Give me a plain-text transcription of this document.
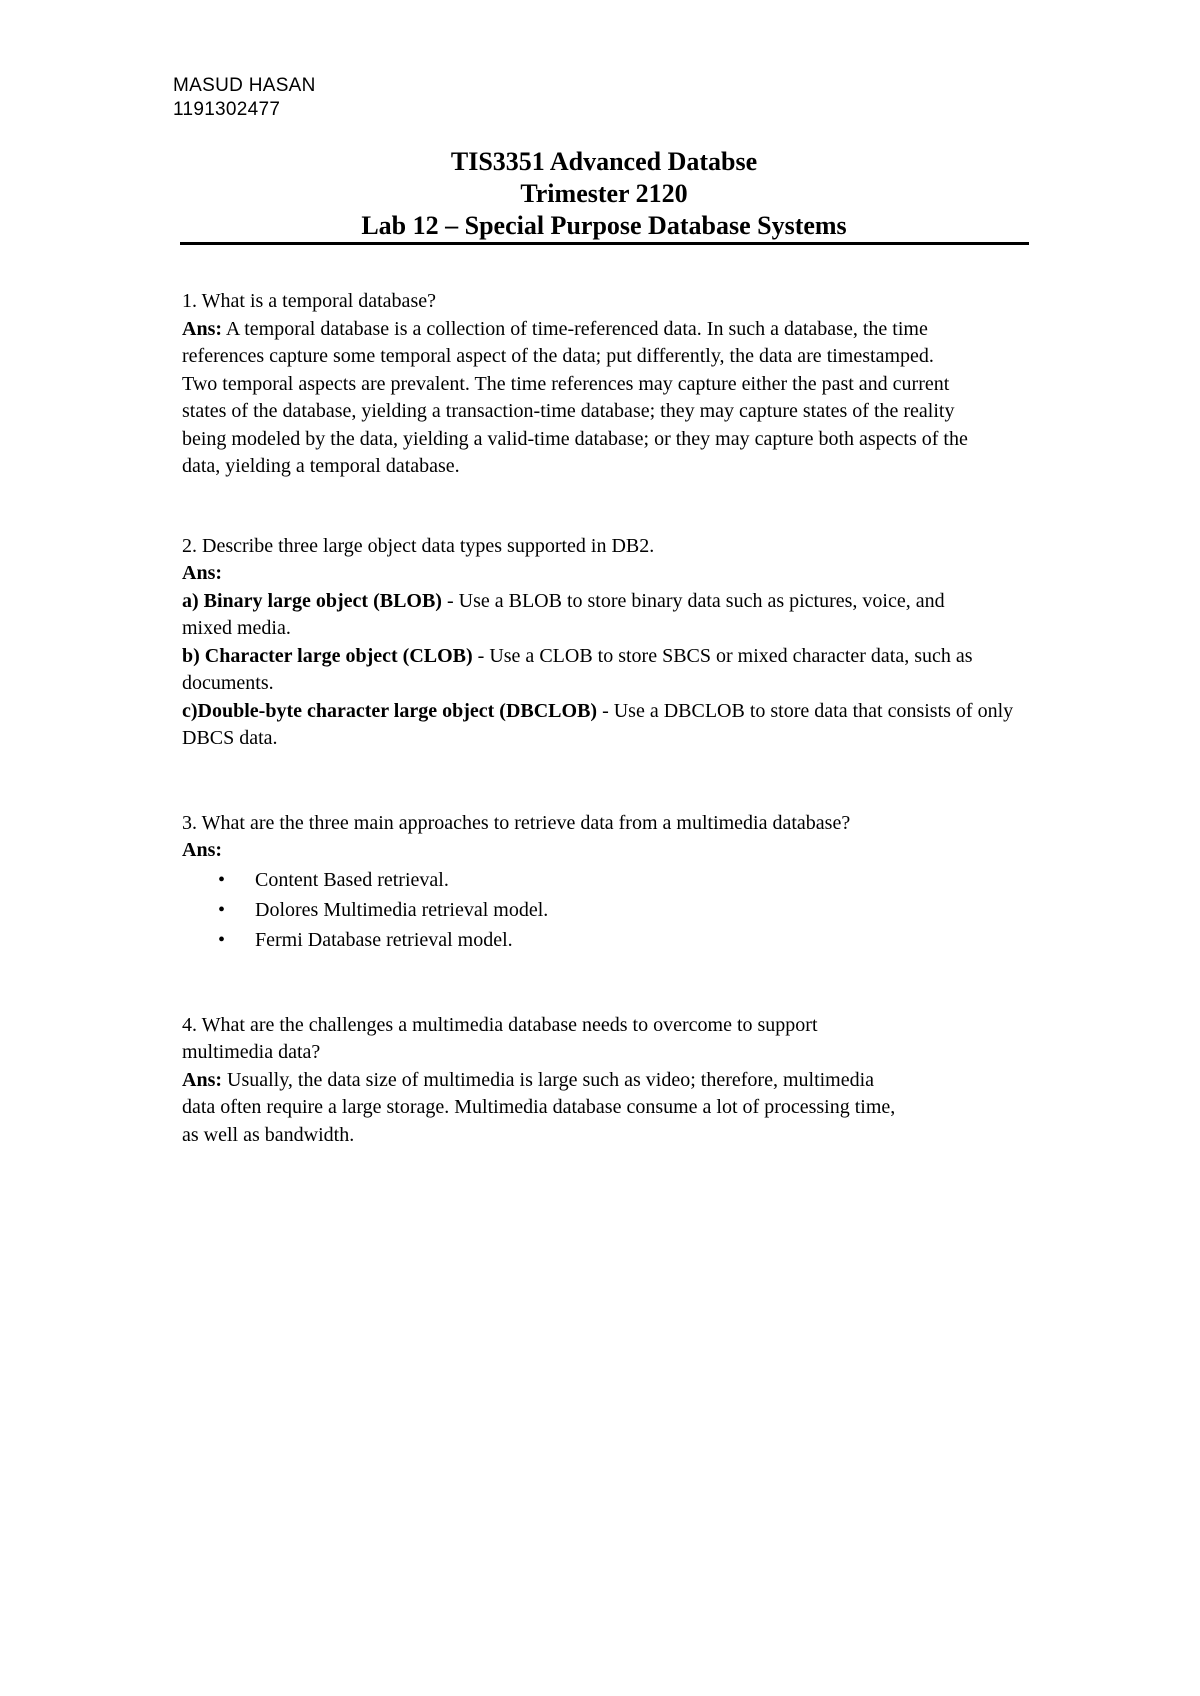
MASUD HASAN
1191302477
TIS3351 Advanced Databse
Trimester 2120
Lab 12 – Special Purpose Database Systems

1. What is a temporal database?

Ans: A temporal database is a collection of time-referenced data. In such a database, the time references capture some temporal aspect of the data; put differently, the data are timestamped. Two temporal aspects are prevalent. The time references may capture either the past and current states of the database, yielding a transaction-time database; they may capture states of the reality being modeled by the data, yielding a valid-time database; or they may capture both aspects of the data, yielding a temporal database.

2. Describe three large object data types supported in DB2.

Ans:

a) Binary large object (BLOB) - Use a BLOB to store binary data such as pictures, voice, and mixed media.

b) Character large object (CLOB) - Use a CLOB to store SBCS or mixed character data, such as documents.

c)Double-byte character large object (DBCLOB) - Use a DBCLOB to store data that consists of only DBCS data.

3. What are the three main approaches to retrieve data from a multimedia database?

Ans:

• Content Based retrieval.
• Dolores Multimedia retrieval model.
• Fermi Database retrieval model.

4. What are the challenges a multimedia database needs to overcome to support multimedia data?

Ans: Usually, the data size of multimedia is large such as video; therefore, multimedia data often require a large storage. Multimedia database consume a lot of processing time, as well as bandwidth.
